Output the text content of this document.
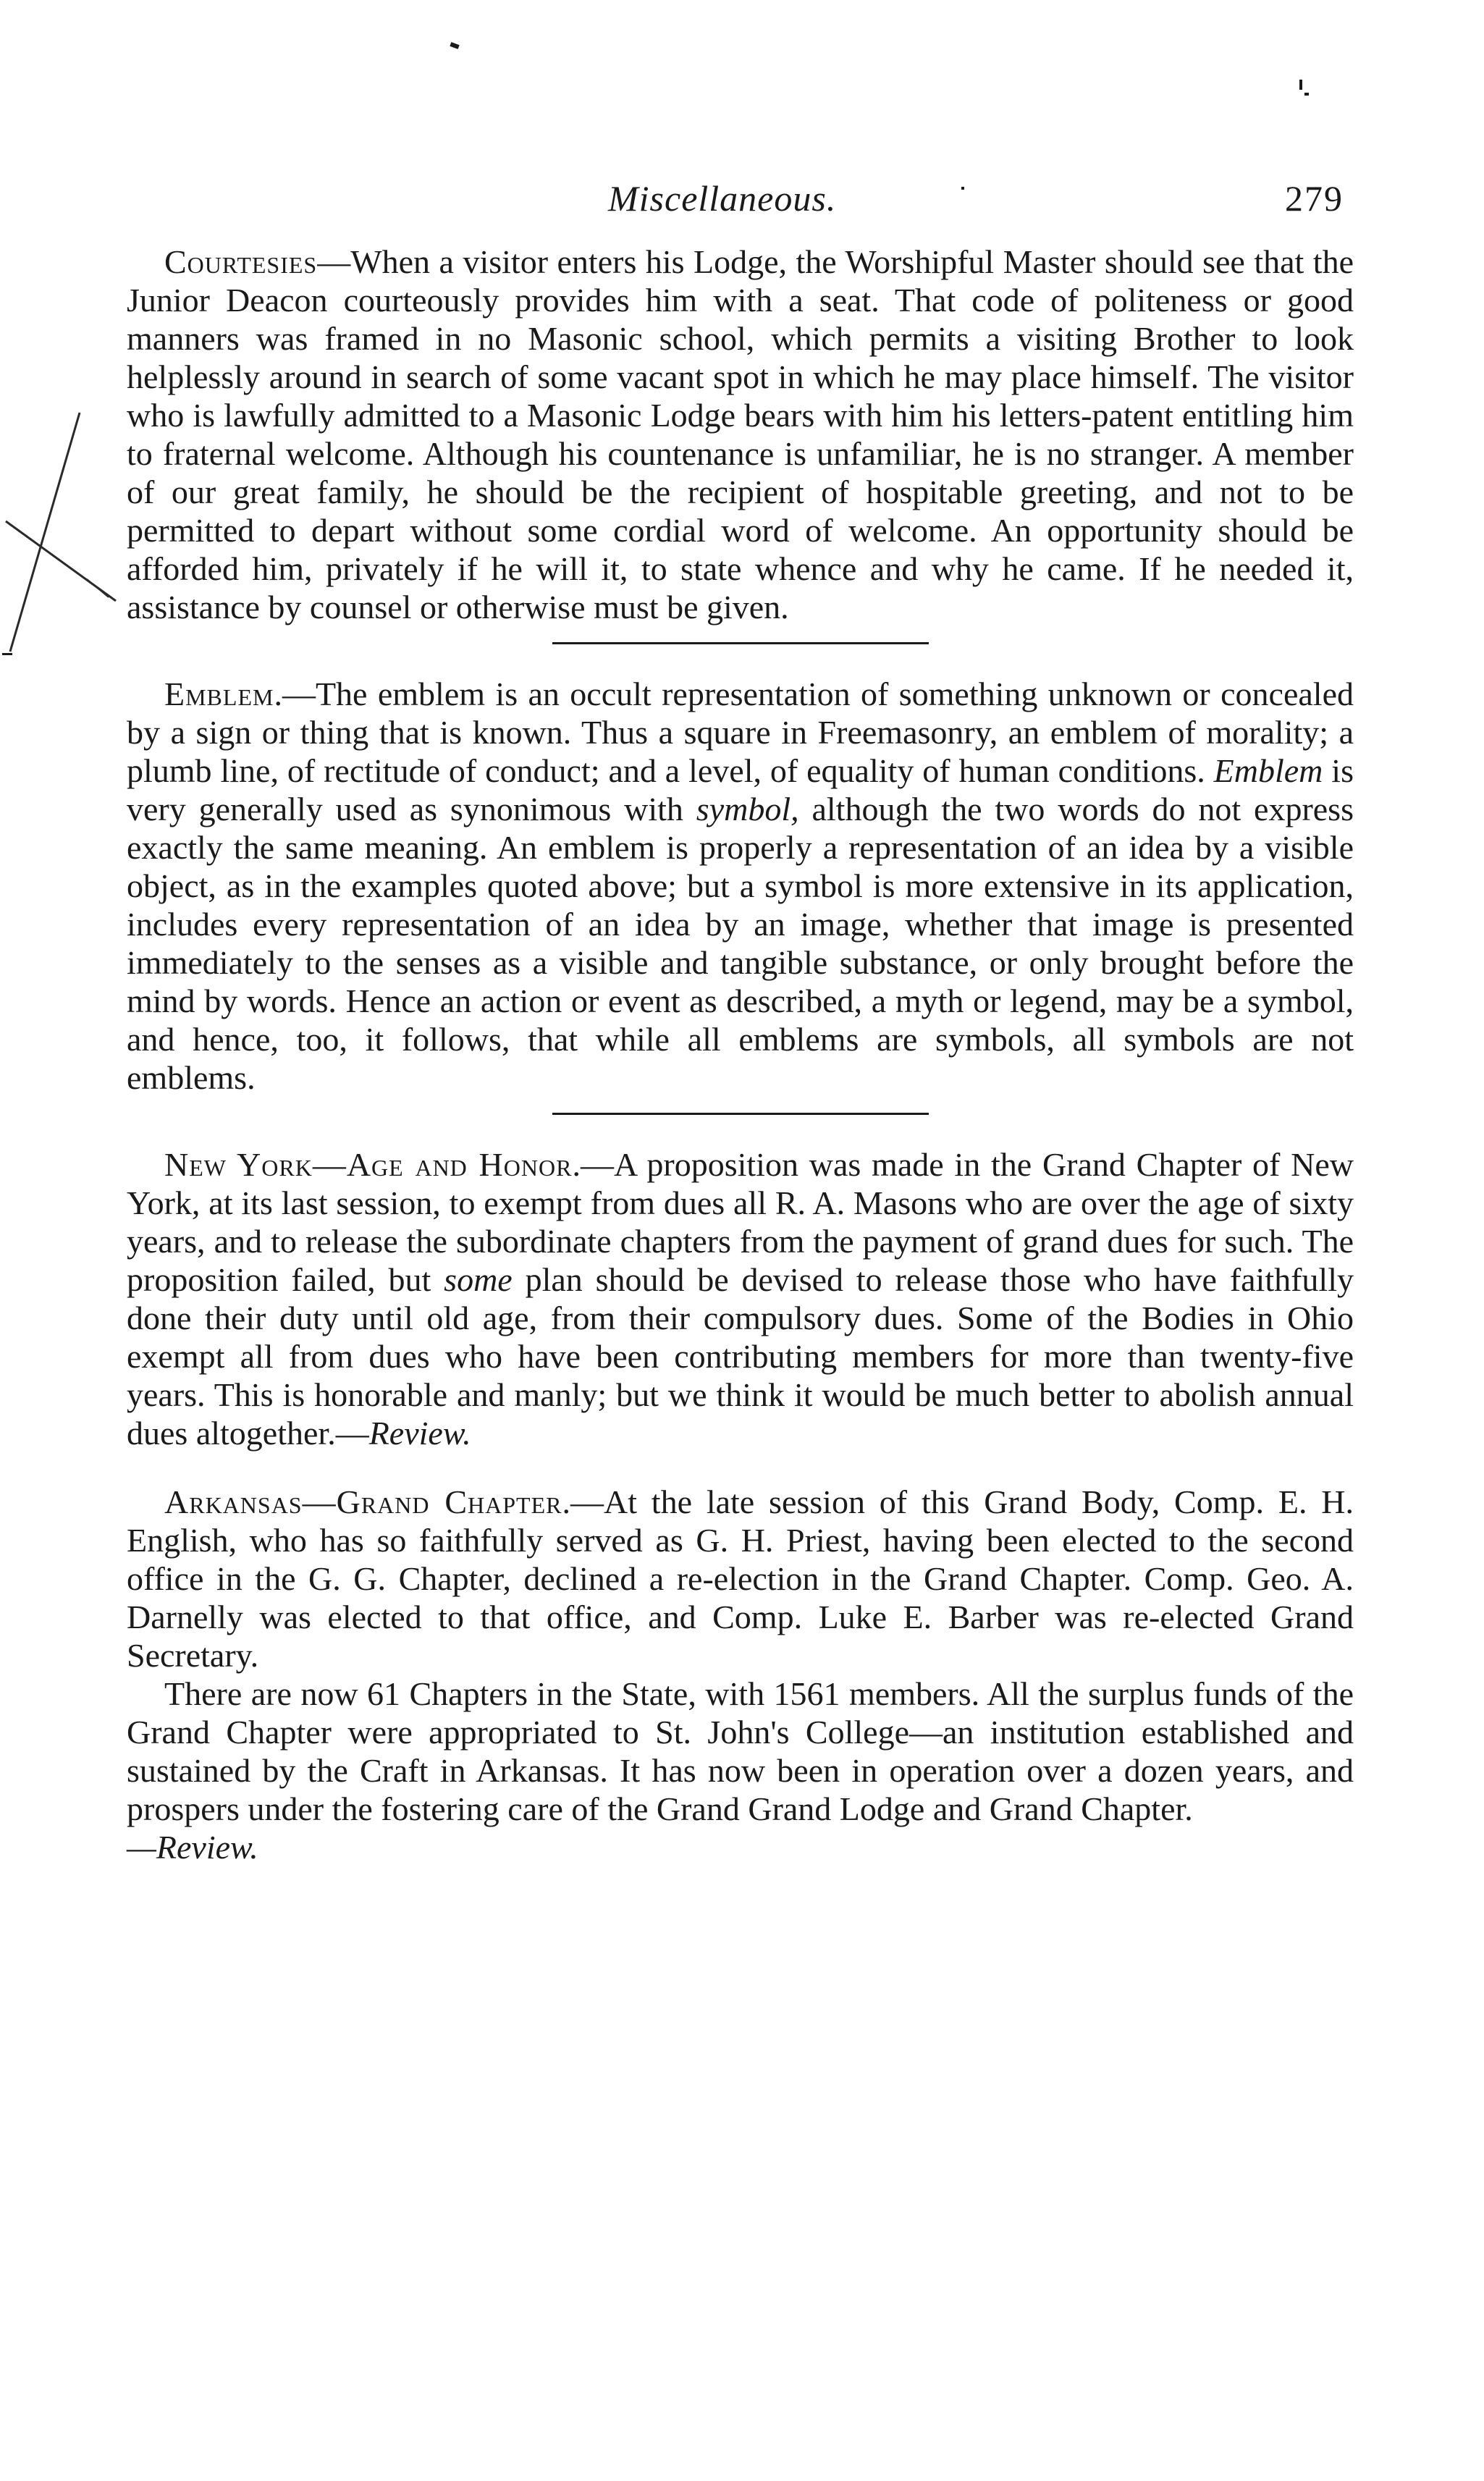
Miscellaneous.	279

Courtesies—When a visitor enters his Lodge, the Worshipful Master should see that the Junior Deacon courteously provides him with a seat. That code of politeness or good manners was framed in no Masonic school, which permits a visiting Brother to look helplessly around in search of some vacant spot in which he may place himself. The visitor who is lawfully admitted to a Masonic Lodge bears with him his letters-patent entitling him to fraternal welcome. Although his countenance is unfamiliar, he is no stranger. A member of our great family, he should be the recipient of hospitable greeting, and not to be permitted to depart without some cordial word of welcome. An opportunity should be afforded him, privately if he will it, to state whence and why he came. If he needed it, assistance by counsel or otherwise must be given.

Emblem.—The emblem is an occult representation of something unknown or concealed by a sign or thing that is known. Thus a square in Freemasonry, an emblem of morality; a plumb line, of rectitude of conduct; and a level, of equality of human conditions. Emblem is very generally used as synonimous with symbol, although the two words do not express exactly the same meaning. An emblem is properly a representation of an idea by a visible object, as in the examples quoted above; but a symbol is more extensive in its application, includes every representation of an idea by an image, whether that image is presented immediately to the senses as a visible and tangible substance, or only brought before the mind by words. Hence an action or event as described, a myth or legend, may be a symbol, and hence, too, it follows, that while all emblems are symbols, all symbols are not emblems.

New York—Age and Honor.—A proposition was made in the Grand Chapter of New York, at its last session, to exempt from dues all R. A. Masons who are over the age of sixty years, and to release the subordinate chapters from the payment of grand dues for such. The proposition failed, but some plan should be devised to release those who have faithfully done their duty until old age, from their compulsory dues. Some of the Bodies in Ohio exempt all from dues who have been contributing members for more than twenty-five years. This is honorable and manly; but we think it would be much better to abolish annual dues altogether.—Review.

Arkansas—Grand Chapter.—At the late session of this Grand Body, Comp. E. H. English, who has so faithfully served as G. H. Priest, having been elected to the second office in the G. G. Chapter, declined a re-election in the Grand Chapter. Comp. Geo. A. Darnelly was elected to that office, and Comp. Luke E. Barber was re-elected Grand Secretary.

There are now 61 Chapters in the State, with 1561 members. All the surplus funds of the Grand Chapter were appropriated to St. John's College—an institution established and sustained by the Craft in Arkansas. It has now been in operation over a dozen years, and prospers under the fostering care of the Grand Grand Lodge and Grand Chapter.

—Review.
